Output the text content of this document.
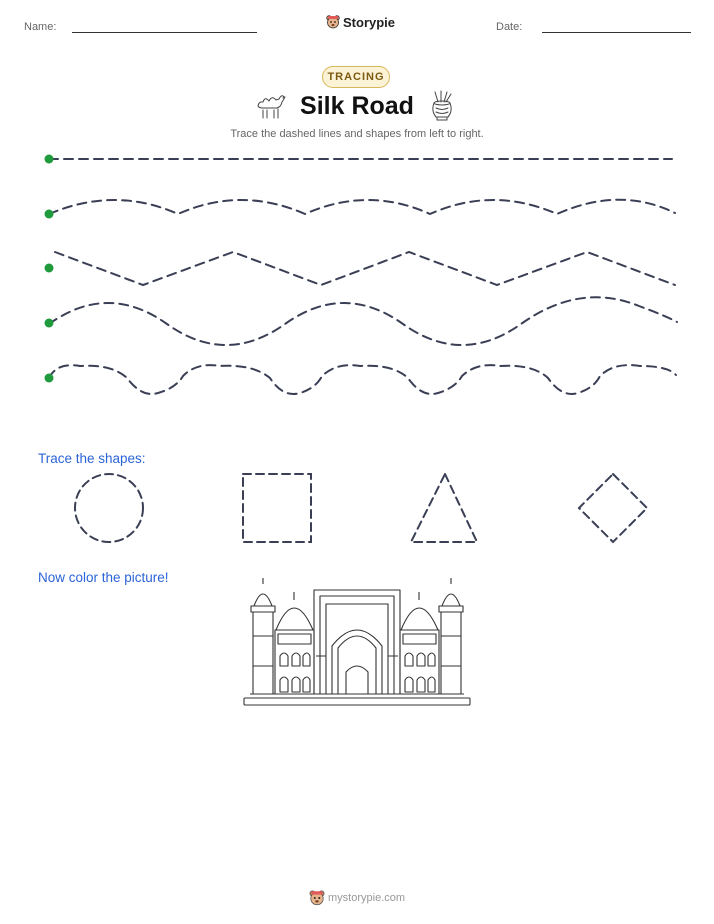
Name:	Storypie	Date:
TRACING
Silk Road
Trace the dashed lines and shapes from left to right.
Trace the shapes:
Now color the picture!
mystorypie.com
